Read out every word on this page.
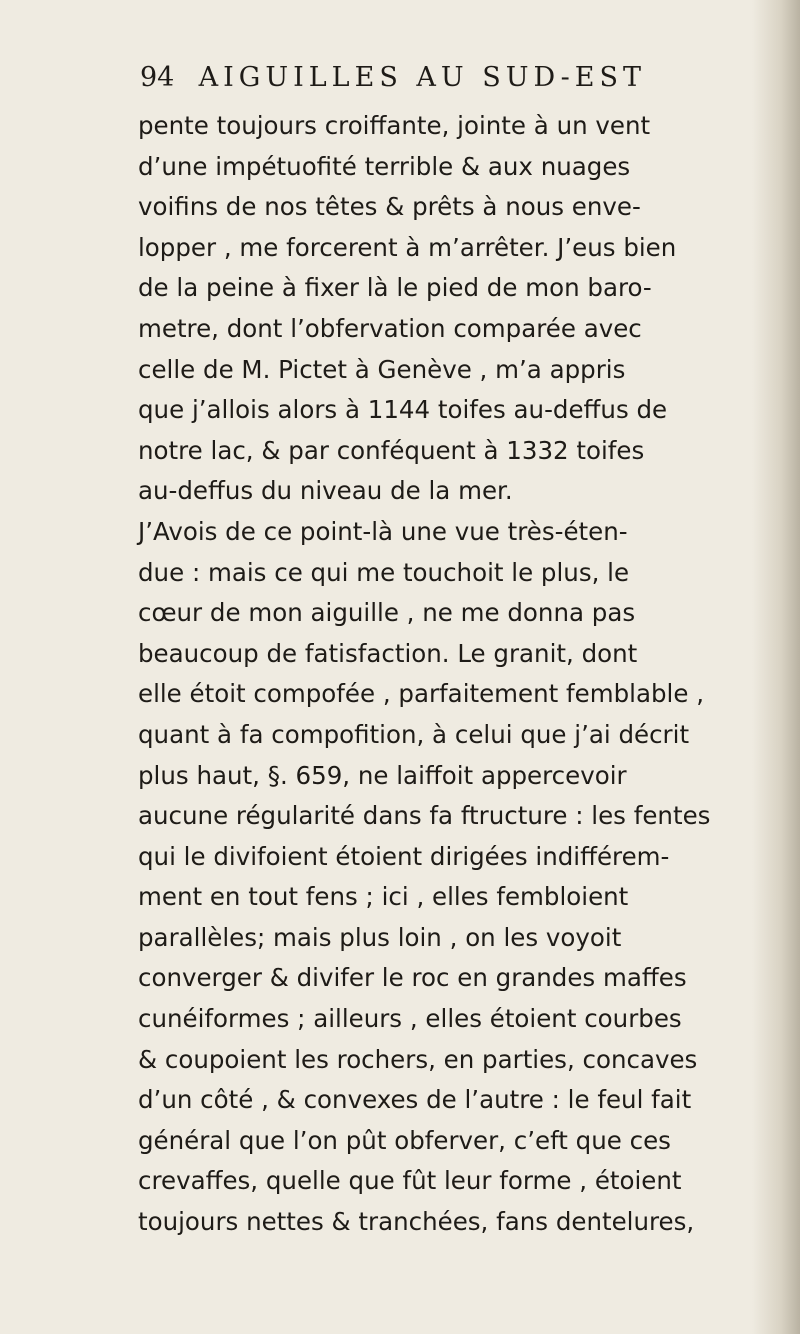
94 AIGUILLES AU SUD-EST
pente toujours croiffante, jointe à un vent
d’une impétuofité terrible & aux nuages
voifins de nos têtes & prêts à nous enve-
lopper , me forcerent à m’arrêter. J’eus bien
de la peine à fixer là le pied de mon baro-
metre, dont l’obfervation comparée avec
celle de M. Pictet à Genève , m’a appris
que j’allois alors à 1144 toifes au-deffus de
notre lac, & par conféquent à 1332 toifes
au-deffus du niveau de la mer.
J’Avois de ce point-là une vue très-éten-
due : mais ce qui me touchoit le plus, le
cœur de mon aiguille , ne me donna pas
beaucoup de fatisfaction. Le granit, dont
elle étoit compofée , parfaitement femblable ,
quant à fa compofition, à celui que j’ai décrit
plus haut, §. 659, ne laiffoit appercevoir
aucune régularité dans fa ftructure : les fentes
qui le divifoient étoient dirigées indifférem-
ment en tout fens ; ici , elles fembloient
parallèles; mais plus loin , on les voyoit
converger & divifer le roc en grandes maffes
cunéiformes ; ailleurs , elles étoient courbes
& coupoient les rochers, en parties, concaves
d’un côté , & convexes de l’autre : le feul fait
général que l’on pût obferver, c’eft que ces
crevaffes, quelle que fût leur forme , étoient
toujours nettes & tranchées, fans dentelures,
